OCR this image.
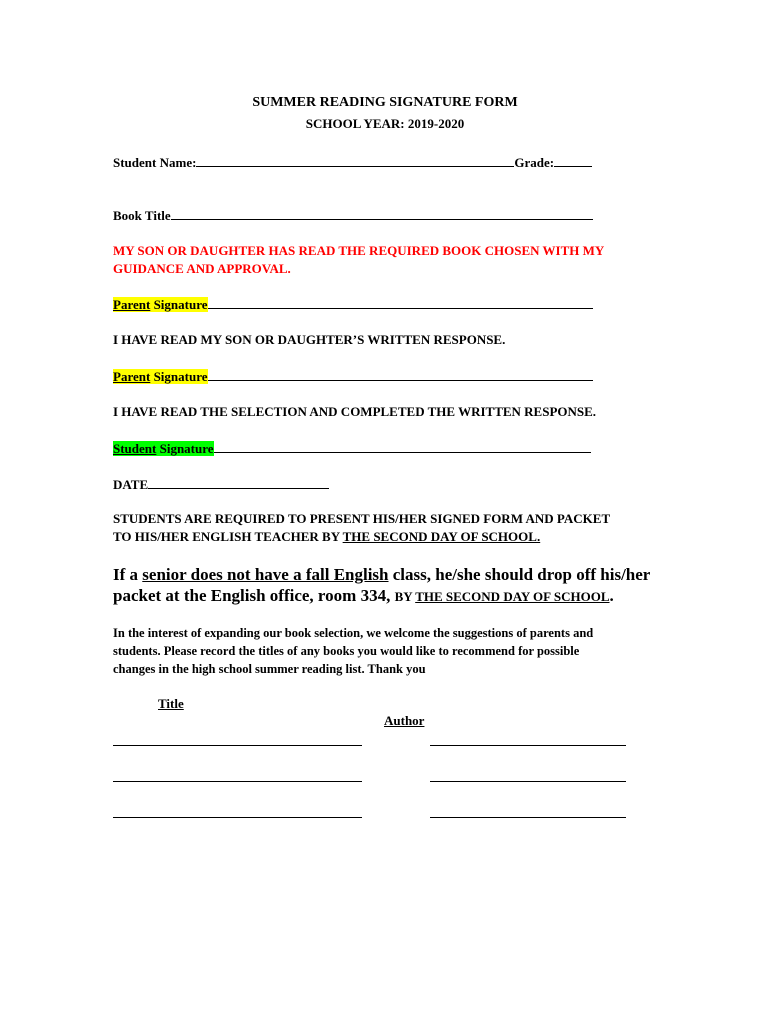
SUMMER READING SIGNATURE FORM
SCHOOL YEAR: 2019-2020
Student Name:	Grade:
Book Title
MY SON OR DAUGHTER HAS READ THE REQUIRED BOOK CHOSEN WITH MY
GUIDANCE AND APPROVAL.
Parent Signature
I HAVE READ MY SON OR DAUGHTER’S WRITTEN RESPONSE.
Parent Signature
I HAVE READ THE SELECTION AND COMPLETED THE WRITTEN RESPONSE.
Student Signature
DATE
STUDENTS ARE REQUIRED TO PRESENT HIS/HER SIGNED FORM AND PACKET
TO HIS/HER ENGLISH TEACHER BY THE SECOND DAY OF SCHOOL.
If a senior does not have a fall English class, he/she should drop off his/her
packet at the English office, room 334, BY THE SECOND DAY OF SCHOOL.
In the interest of expanding our book selection, we welcome the suggestions of parents and
students. Please record the titles of any books you would like to recommend for possible
changes in the high school summer reading list. Thank you
Title
Author
